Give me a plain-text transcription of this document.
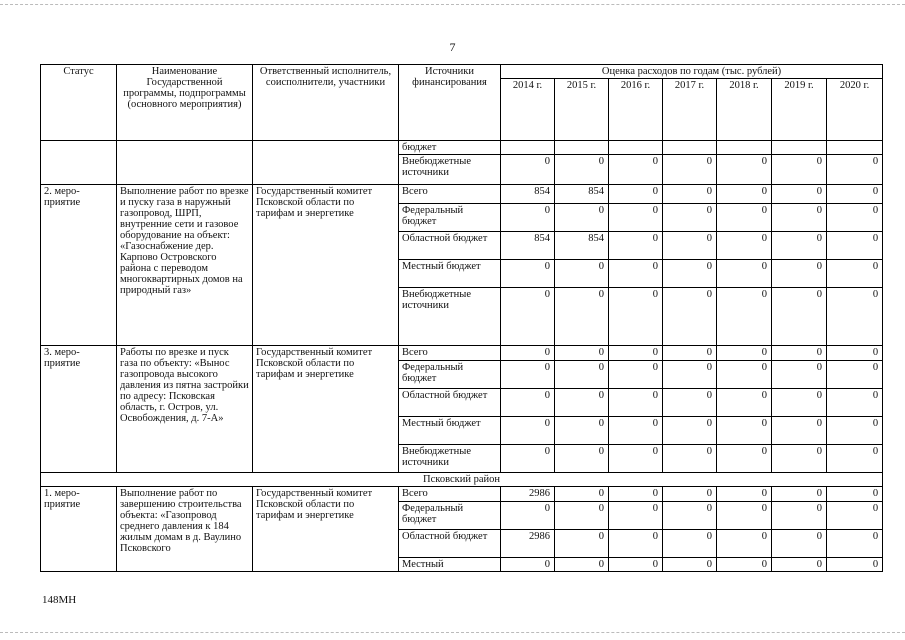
7
Статус	Наименование Государственной программы, подпрограммы (основного мероприятия)	Ответственный исполнитель, соисполнители, участники	Источники финансирования	Оценка расходов по годам (тыс. рублей)						
				2014 г.	2015 г.	2016 г.	2017 г.	2018 г.	2019 г.	2020 г.
			бюджет							
			Внебюджетные источники	0	0	0	0	0	0	0
2. меро-приятие	Выполнение работ по врезке и пуску газа в наружный газопровод, ШРП, внутренние сети и газовое оборудование на объект: «Газоснабжение дер. Карпово Островского района с переводом многоквартирных домов на природный газ»	Государственный комитет Псковской области по тарифам и энергетике	Всего	854	854	0	0	0	0	0
			Федеральный бюджет	0	0	0	0	0	0	0
			Областной бюджет	854	854	0	0	0	0	0
			Местный бюджет	0	0	0	0	0	0	0
			Внебюджетные источники	0	0	0	0	0	0	0
3. меро-приятие	Работы по врезке и пуск газа по объекту: «Вынос газопровода высокого давления из пятна застройки по адресу: Псковская область, г. Остров, ул. Освобождения, д. 7-А»	Государственный комитет Псковской области по тарифам и энергетике	Всего	0	0	0	0	0	0	0
			Федеральный бюджет	0	0	0	0	0	0	0
			Областной бюджет	0	0	0	0	0	0	0
			Местный бюджет	0	0	0	0	0	0	0
			Внебюджетные источники	0	0	0	0	0	0	0
Псковский район										
1. меро-приятие	Выполнение работ по завершению строительства объекта: «Газопровод среднего давления к 184 жилым домам в д. Ваулино Псковского	Государственный комитет Псковской области по тарифам и энергетике	Всего	2986	0	0	0	0	0	0
			Федеральный бюджет	0	0	0	0	0	0	0
			Областной бюджет	2986	0	0	0	0	0	0
			Местный	0	0	0	0	0	0	0
148МН
